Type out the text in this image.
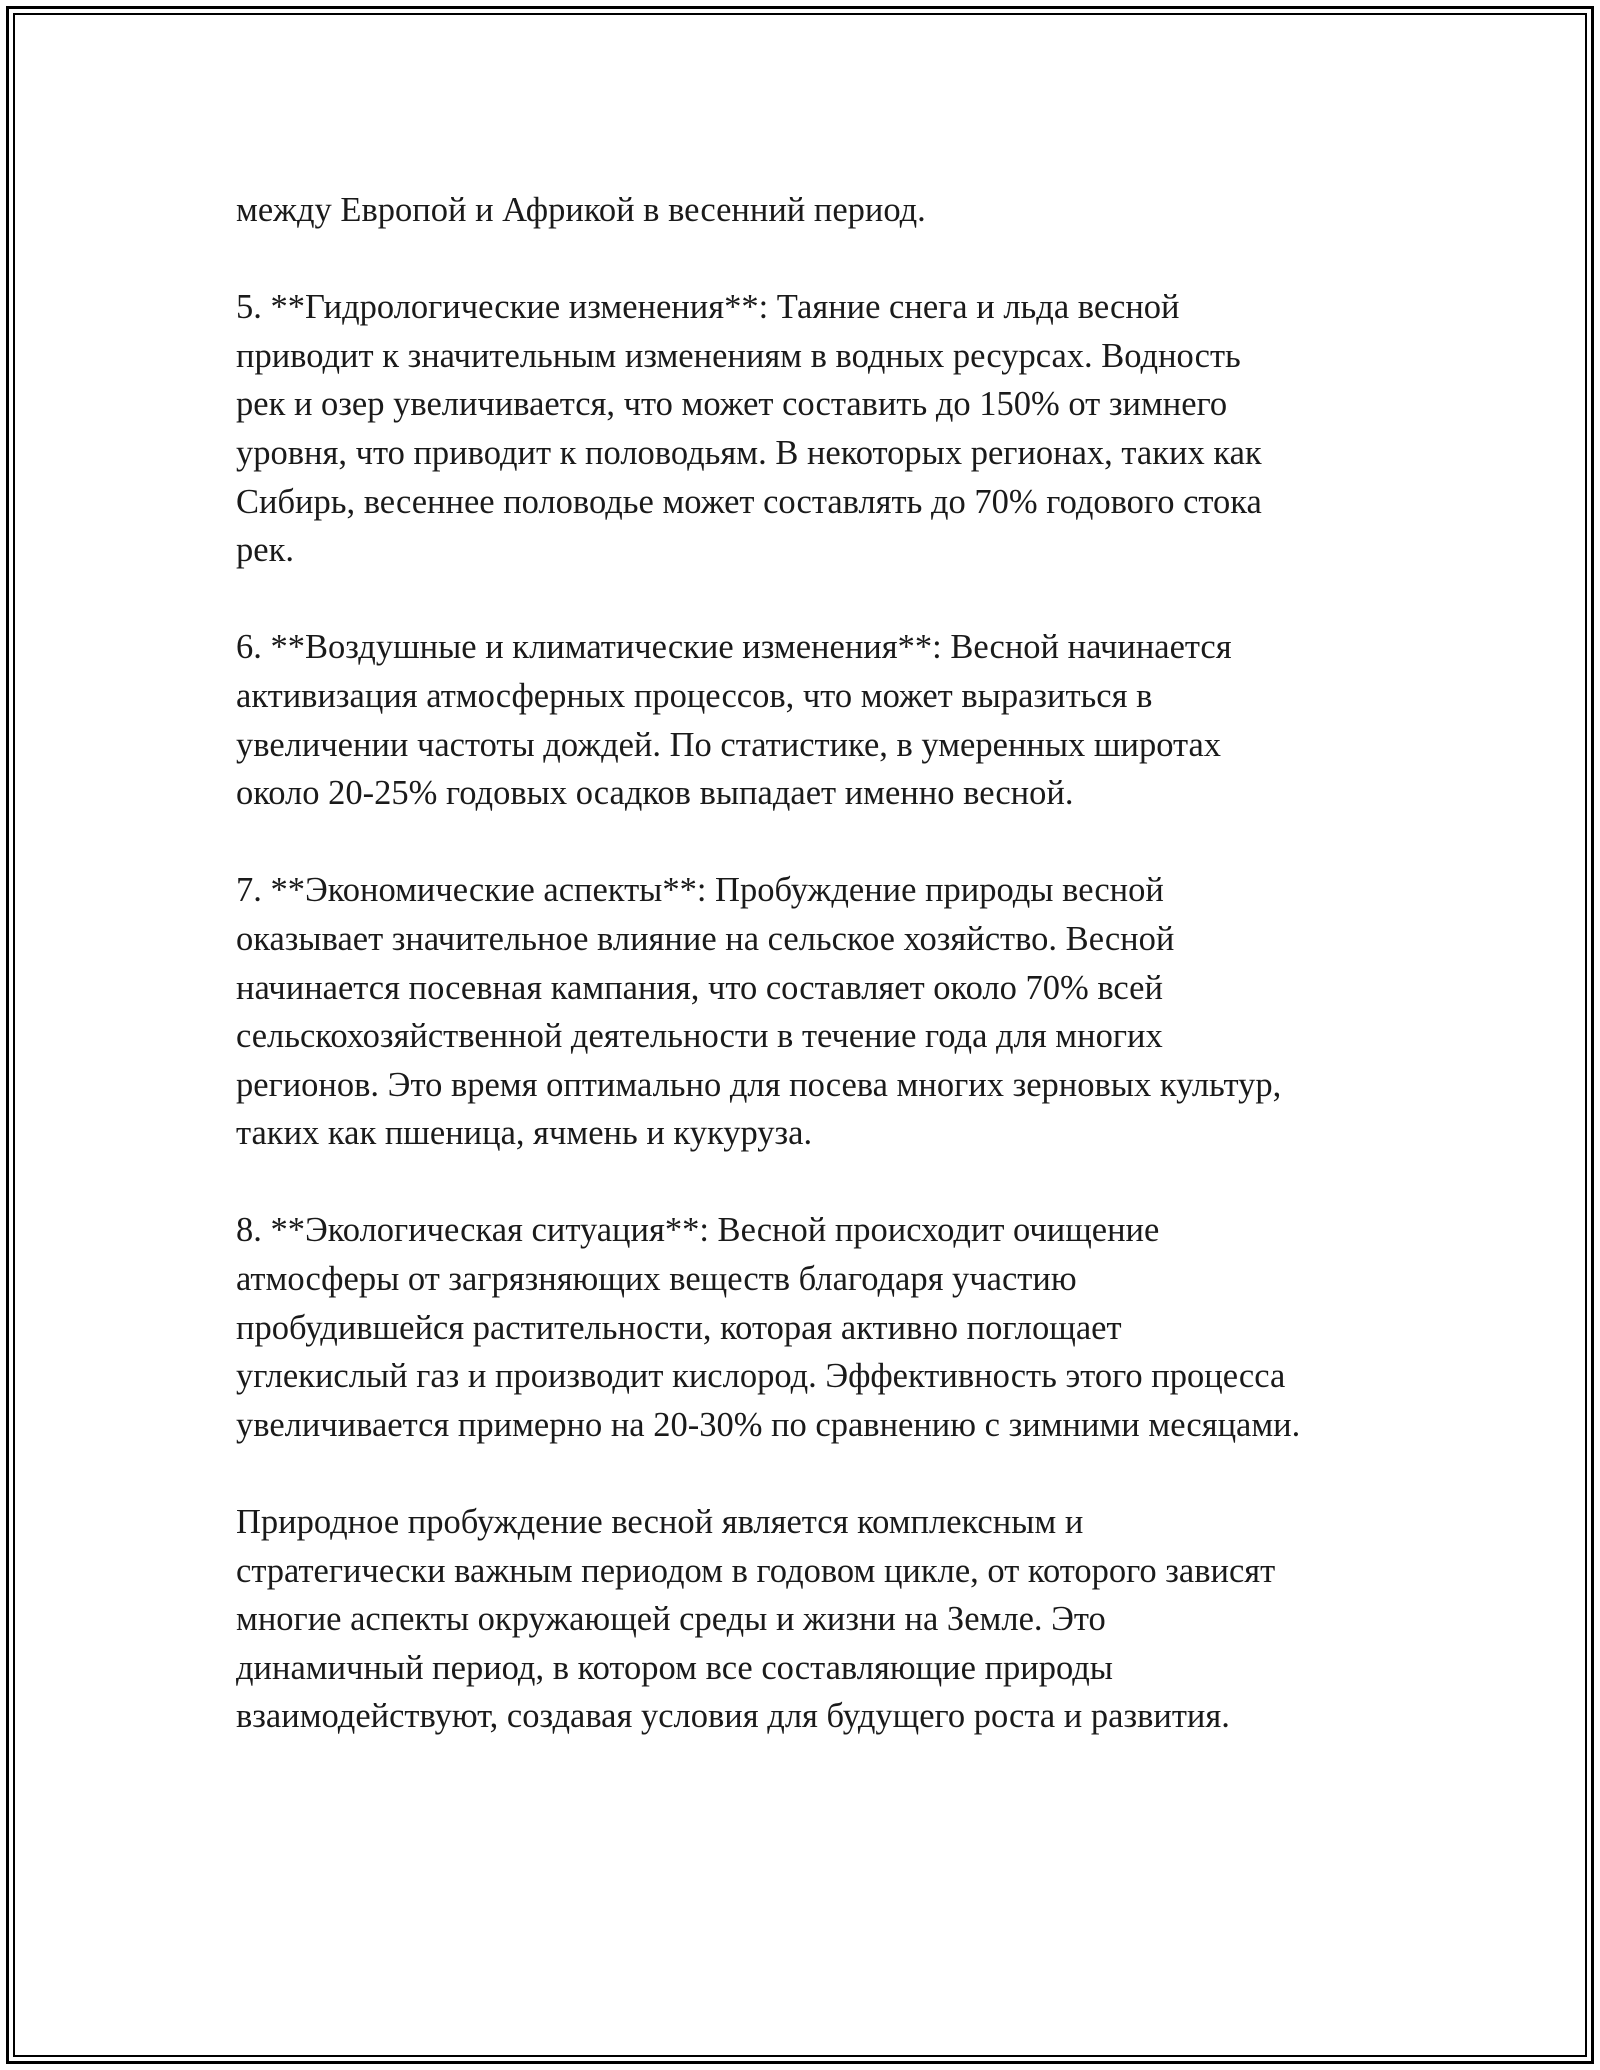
между Европой и Африкой в весенний период.
5. **Гидрологические изменения**: Таяние снега и льда весной
приводит к значительным изменениям в водных ресурсах. Водность
рек и озер увеличивается, что может составить до 150% от зимнего
уровня, что приводит к половодьям. В некоторых регионах, таких как
Сибирь, весеннее половодье может составлять до 70% годового стока
рек.
6. **Воздушные и климатические изменения**: Весной начинается
активизация атмосферных процессов, что может выразиться в
увеличении частоты дождей. По статистике, в умеренных широтах
около 20-25% годовых осадков выпадает именно весной.
7. **Экономические аспекты**: Пробуждение природы весной
оказывает значительное влияние на сельское хозяйство. Весной
начинается посевная кампания, что составляет около 70% всей
сельскохозяйственной деятельности в течение года для многих
регионов. Это время оптимально для посева многих зерновых культур,
таких как пшеница, ячмень и кукуруза.
8. **Экологическая ситуация**: Весной происходит очищение
атмосферы от загрязняющих веществ благодаря участию
пробудившейся растительности, которая активно поглощает
углекислый газ и производит кислород. Эффективность этого процесса
увеличивается примерно на 20-30% по сравнению с зимними месяцами.
Природное пробуждение весной является комплексным и
стратегически важным периодом в годовом цикле, от которого зависят
многие аспекты окружающей среды и жизни на Земле. Это
динамичный период, в котором все составляющие природы
взаимодействуют, создавая условия для будущего роста и развития.
